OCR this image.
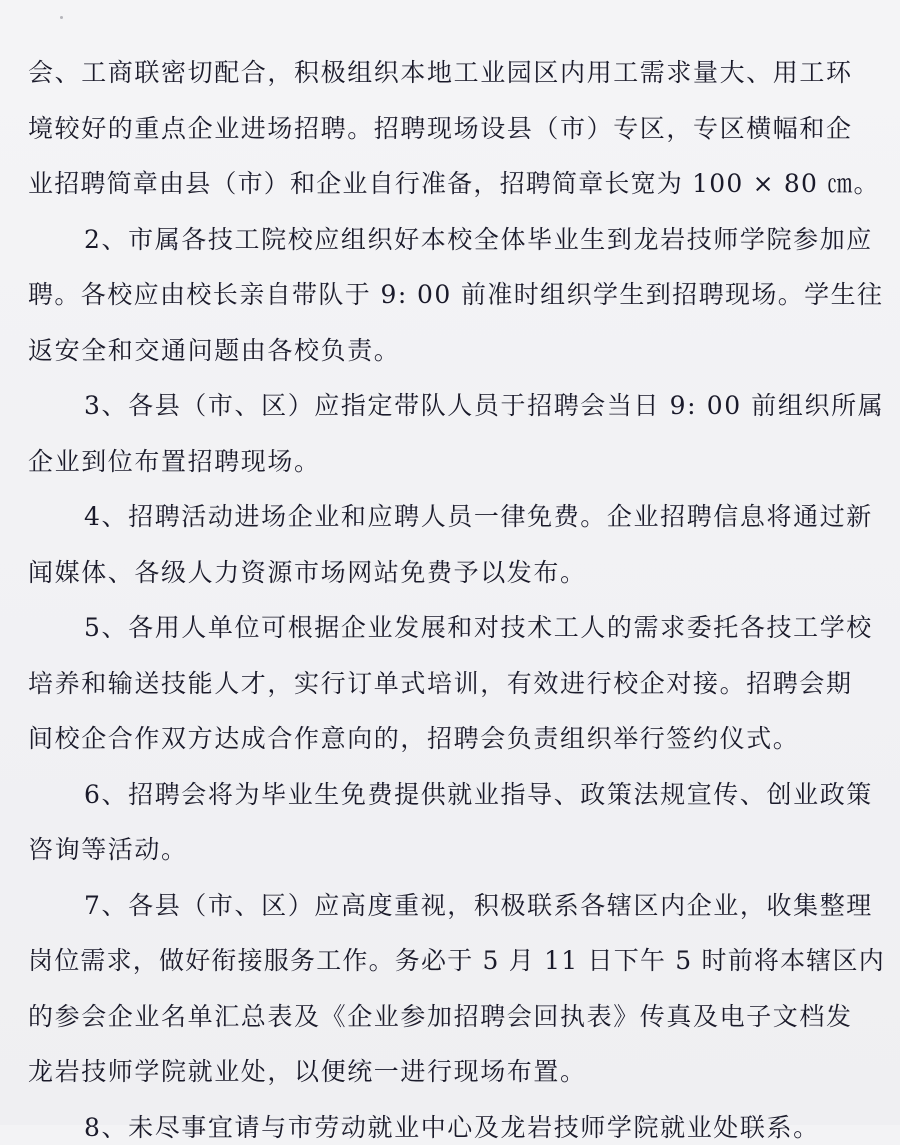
会、工商联密切配合，积极组织本地工业园区内用工需求量大、用工环
境较好的重点企业进场招聘。招聘现场设县（市）专区，专区横幅和企
业招聘简章由县（市）和企业自行准备，招聘简章长宽为 100 × 80 ㎝。
2、市属各技工院校应组织好本校全体毕业生到龙岩技师学院参加应
聘。各校应由校长亲自带队于 9: 00 前准时组织学生到招聘现场。学生往
返安全和交通问题由各校负责。
3、各县（市、区）应指定带队人员于招聘会当日 9: 00 前组织所属
企业到位布置招聘现场。
4、招聘活动进场企业和应聘人员一律免费。企业招聘信息将通过新
闻媒体、各级人力资源市场网站免费予以发布。
5、各用人单位可根据企业发展和对技术工人的需求委托各技工学校
培养和输送技能人才，实行订单式培训，有效进行校企对接。招聘会期
间校企合作双方达成合作意向的，招聘会负责组织举行签约仪式。
6、招聘会将为毕业生免费提供就业指导、政策法规宣传、创业政策
咨询等活动。
7、各县（市、区）应高度重视，积极联系各辖区内企业，收集整理
岗位需求，做好衔接服务工作。务必于 5 月 11 日下午 5 时前将本辖区内
的参会企业名单汇总表及《企业参加招聘会回执表》传真及电子文档发
龙岩技师学院就业处，以便统一进行现场布置。
8、未尽事宜请与市劳动就业中心及龙岩技师学院就业处联系。
